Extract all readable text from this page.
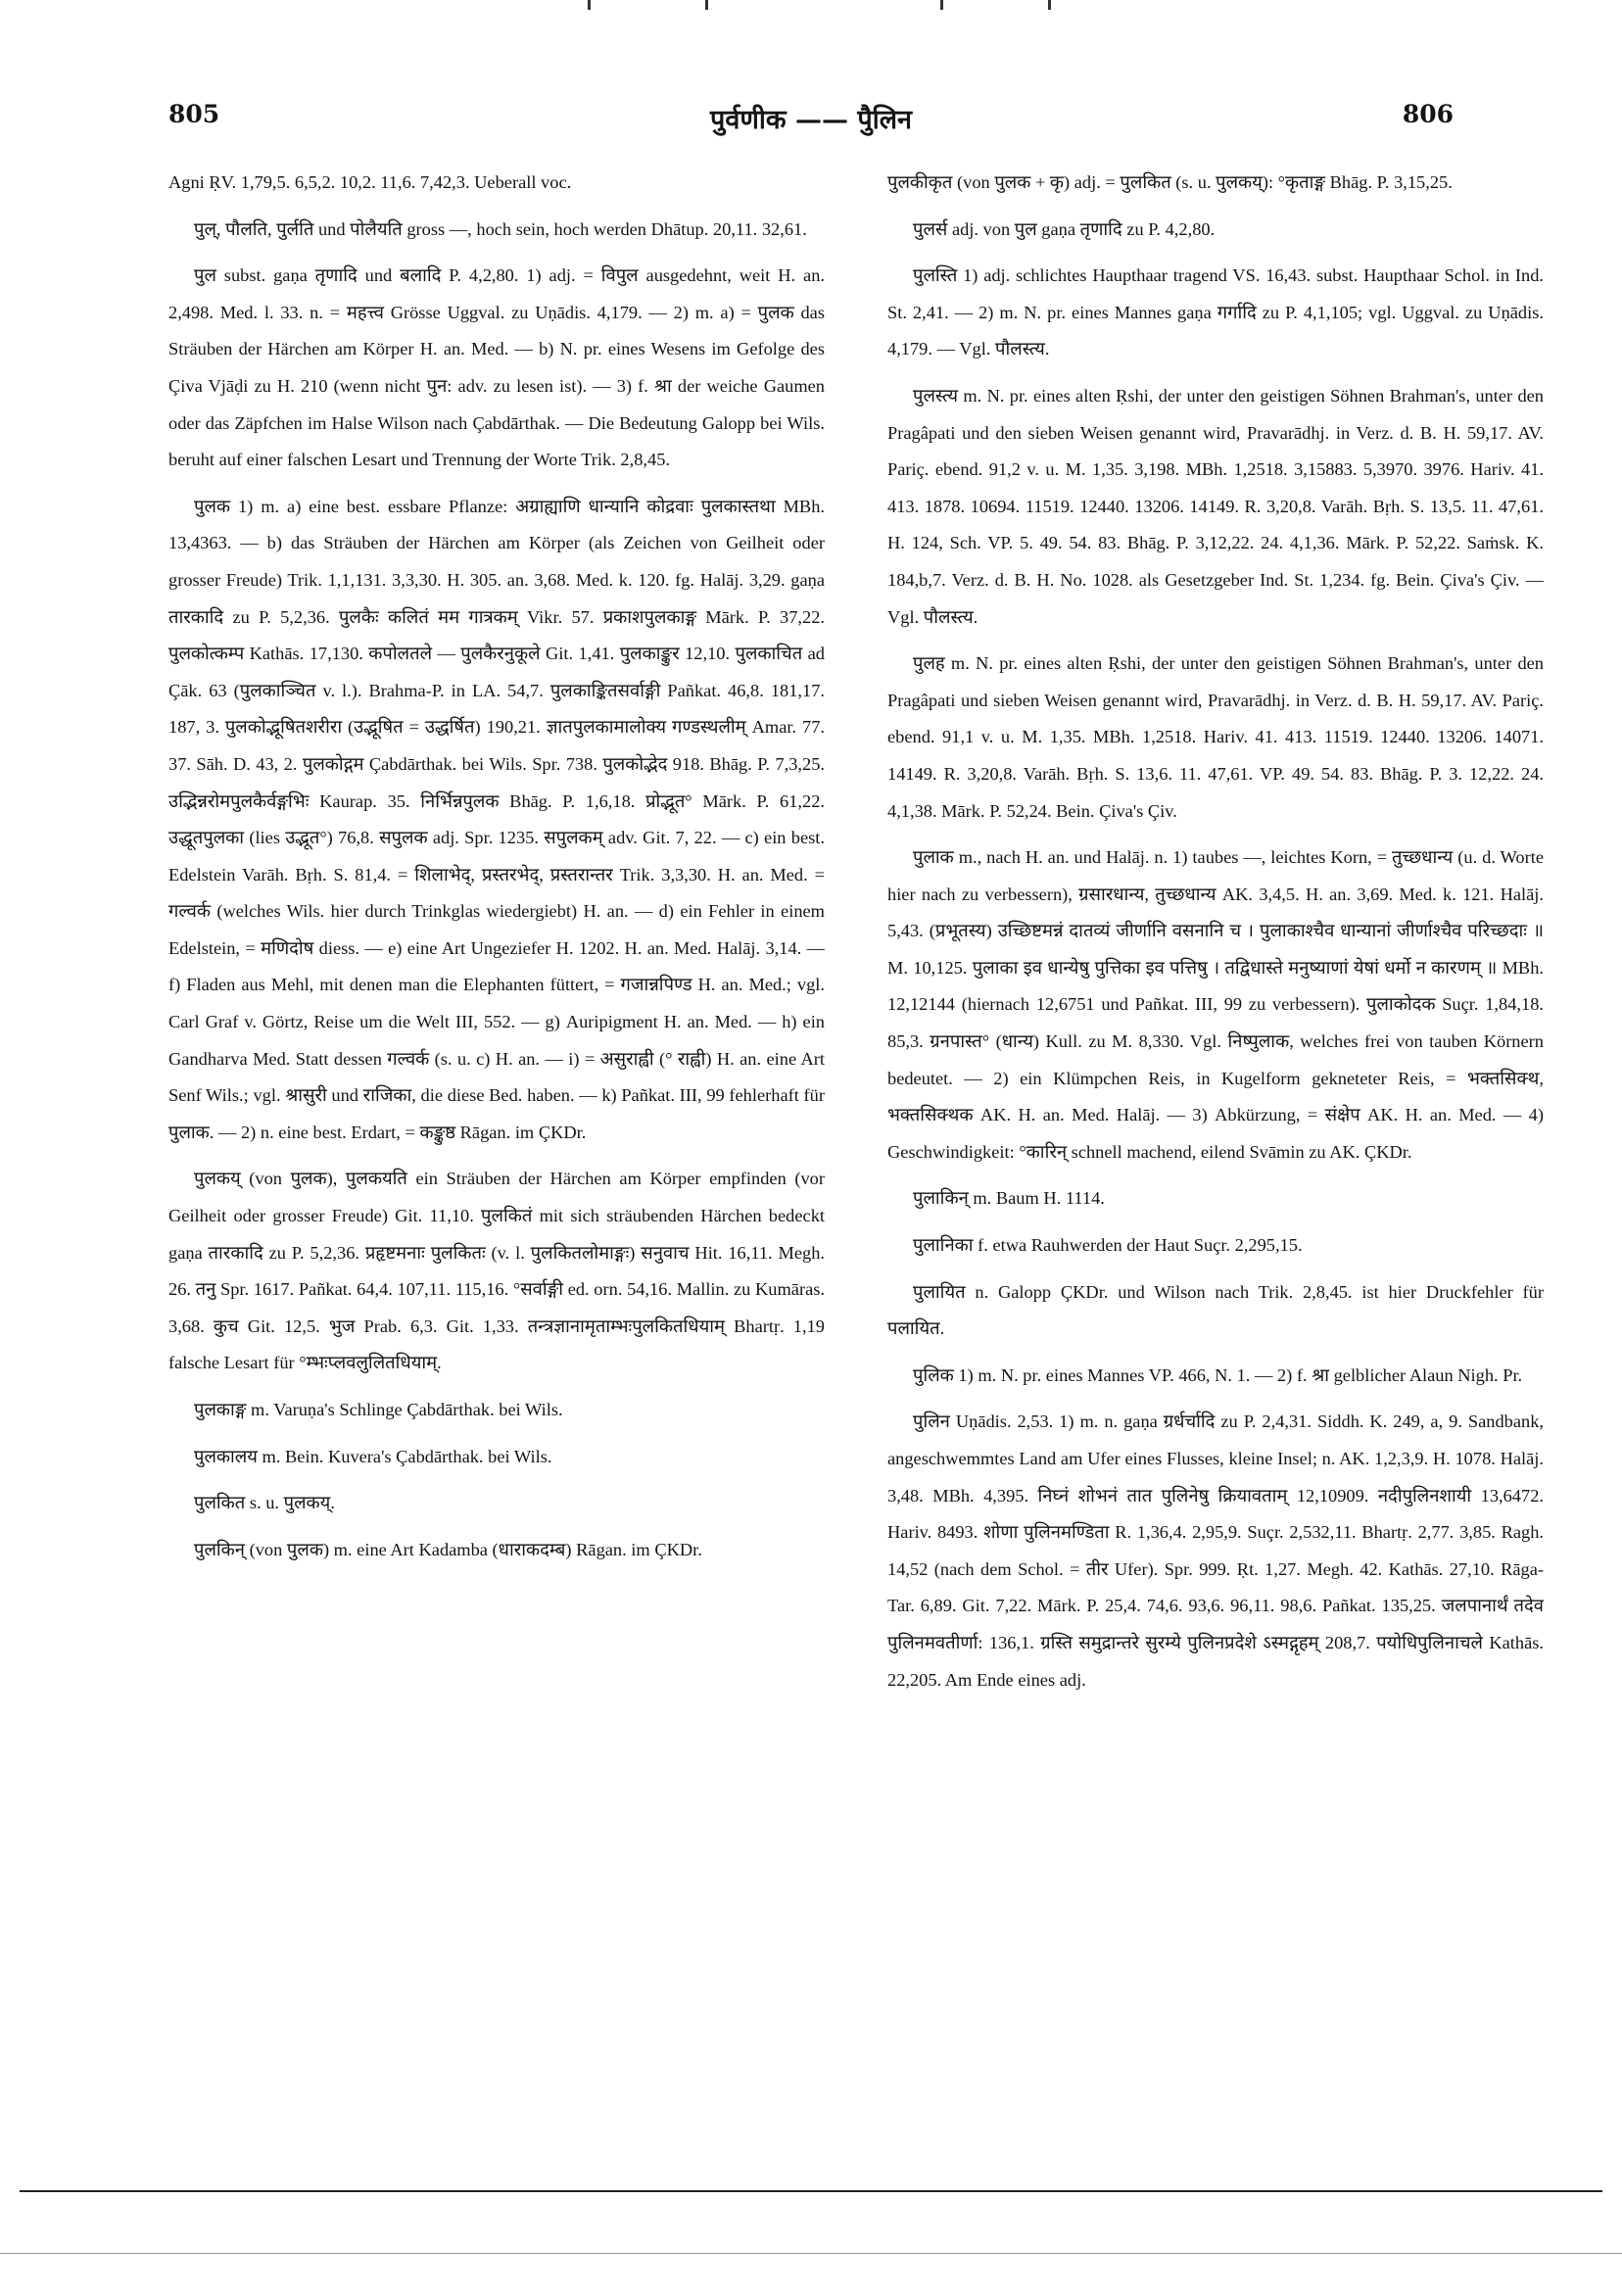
805	पुर्वणीक —— पैुलिन	806

Agni ṚV. 1,79,5. 6,5,2. 10,2. 11,6. 7,42,3. Ueberall voc.

पुल्, पौलति, पुर्लति und पोलैयति gross —, hoch sein, hoch werden Dhātup. 20,11. 32,61.

पुल subst. gaṇa तृणादि und बलादि P. 4,2,80. 1) adj. = विपुल ausgedehnt, weit H. an. 2,498. Med. l. 33. n. = महत्त्व Grösse Uggval. zu Uṇādis. 4,179. — 2) m. a) = पुलक das Sträuben der Härchen am Körper H. an. Med. — b) N. pr. eines Wesens im Gefolge des Çiva Vjāḍi zu H. 210 (wenn nicht पुन: adv. zu lesen ist). — 3) f. श्रा der weiche Gaumen oder das Zäpfchen im Halse Wilson nach Çabdārthak. — Die Bedeutung Galopp bei Wils. beruht auf einer falschen Lesart und Trennung der Worte Trik. 2,8,45.

पुलक 1) m. a) eine best. essbare Pflanze: अग्राह्याणि धान्यानि कोद्रवाः पुलकास्तथा MBh. 13,4363. — b) das Sträuben der Härchen am Körper (als Zeichen von Geilheit oder grosser Freude) Trik. 1,1,131. 3,3,30. H. 305. an. 3,68. Med. k. 120. fg. Halāj. 3,29. gaṇa तारकादि zu P. 5,2,36. पुलकैः कलितं मम गात्रकम् Vikr. 57. प्रकाशपुलकाङ्ग Mārk. P. 37,22. पुलकोत्कम्प Kathās. 17,130. कपोलतले — पुलकैरनुकूले Git. 1,41. पुलकाङ्कुर 12,10. पुलकाचित ad Çāk. 63 (पुलकाञ्चित v. l.). Brahma-P. in LA. 54,7. पुलकाङ्कितसर्वाङ्गी Pañkat. 46,8. 181,17. 187, 3. पुलकोद्भूषितशरीरा (उद्भूषित = उद्धर्षित) 190,21. ज्ञातपुलकामालोक्य गण्डस्थलीम् Amar. 77. 37. Sāh. D. 43, 2. पुलकोद्गम Çabdārthak. bei Wils. Spr. 738. पुलकोद्भेद 918. Bhāg. P. 7,3,25. उद्भिन्नरोमपुलकैर्वङ्गभिः Kaurap. 35. निर्भिन्नपुलक Bhāg. P. 1,6,18. प्रोद्भूत° Mārk. P. 61,22. उद्धूतपुलका (lies उद्भूत°) 76,8. सपुलक adj. Spr. 1235. सपुलकम् adv. Git. 7, 22. — c) ein best. Edelstein Varāh. Bṛh. S. 81,4. = शिलाभेद्, प्रस्तरभेद्, प्रस्तरान्तर Trik. 3,3,30. H. an. Med. = गल्वर्क (welches Wils. hier durch Trinkglas wiedergiebt) H. an. — d) ein Fehler in einem Edelstein, = मणिदोष diess. — e) eine Art Ungeziefer H. 1202. H. an. Med. Halāj. 3,14. — f) Fladen aus Mehl, mit denen man die Elephanten füttert, = गजान्नपिण्ड H. an. Med.; vgl. Carl Graf v. Görtz, Reise um die Welt III, 552. — g) Auripigment H. an. Med. — h) ein Gandharva Med. Statt dessen गल्वर्क (s. u. c) H. an. — i) = असुराह्वी (° राह्वी) H. an. eine Art Senf Wils.; vgl. श्रासुरी und राजिका, die diese Bed. haben. — k) Pañkat. III, 99 fehlerhaft für पुलाक. — 2) n. eine best. Erdart, = कङ्कुष्ठ Rāgan. im ÇKDr.

पुलकय् (von पुलक), पुलकयति ein Sträuben der Härchen am Körper empfinden (vor Geilheit oder grosser Freude) Git. 11,10. पुलकितं mit sich sträubenden Härchen bedeckt gaṇa तारकादि zu P. 5,2,36. प्रहृष्टमनाः पुलकितः (v. l. पुलकितलोमाङ्गः) सनुवाच Hit. 16,11. Megh. 26. तनु Spr. 1617. Pañkat. 64,4. 107,11. 115,16. °सर्वाङ्गी ed. orn. 54,16. Mallin. zu Kumāras. 3,68. कुच Git. 12,5. भुज Prab. 6,3. Git. 1,33. तन्त्रज्ञानामृताम्भःपुलकितधियाम् Bhartṛ. 1,19 falsche Lesart für °म्भःप्लवलुलितधियाम्.

पुलकाङ्ग m. Varuṇa's Schlinge Çabdārthak. bei Wils.

पुलकालय m. Bein. Kuvera's Çabdārthak. bei Wils.

पुलकित s. u. पुलकय्.

पुलकिन् (von पुलक) m. eine Art Kadamba (धाराकदम्ब) Rāgan. im ÇKDr.

पुलकीकृत (von पुलक + कृ) adj. = पुलकित (s. u. पुलकय्): °कृताङ्ग Bhāg. P. 3,15,25.

पुलर्स adj. von पुल gaṇa तृणादि zu P. 4,2,80.

पुलस्ति 1) adj. schlichtes Haupthaar tragend VS. 16,43. subst. Haupthaar Schol. in Ind. St. 2,41. — 2) m. N. pr. eines Mannes gaṇa गर्गादि zu P. 4,1,105; vgl. Uggval. zu Uṇādis. 4,179. — Vgl. पौलस्त्य.

पुलस्त्य m. N. pr. eines alten Ṛshi, der unter den geistigen Söhnen Brahman's, unter den Pragâpati und den sieben Weisen genannt wird, Pravarādhj. in Verz. d. B. H. 59,17. AV. Pariç. ebend. 91,2 v. u. M. 1,35. 3,198. MBh. 1,2518. 3,15883. 5,3970. 3976. Hariv. 41. 413. 1878. 10694. 11519. 12440. 13206. 14149. R. 3,20,8. Varāh. Bṛh. S. 13,5. 11. 47,61. H. 124, Sch. VP. 5. 49. 54. 83. Bhāg. P. 3,12,22. 24. 4,1,36. Mārk. P. 52,22. Saṁsk. K. 184,b,7. Verz. d. B. H. No. 1028. als Gesetzgeber Ind. St. 1,234. fg. Bein. Çiva's Çiv. — Vgl. पौलस्त्य.

पुलह m. N. pr. eines alten Ṛshi, der unter den geistigen Söhnen Brahman's, unter den Pragâpati und sieben Weisen genannt wird, Pravarādhj. in Verz. d. B. H. 59,17. AV. Pariç. ebend. 91,1 v. u. M. 1,35. MBh. 1,2518. Hariv. 41. 413. 11519. 12440. 13206. 14071. 14149. R. 3,20,8. Varāh. Bṛh. S. 13,6. 11. 47,61. VP. 49. 54. 83. Bhāg. P. 3. 12,22. 24. 4,1,38. Mārk. P. 52,24. Bein. Çiva's Çiv.

पुलाक m., nach H. an. und Halāj. n. 1) taubes —, leichtes Korn, = तुच्छधान्य (u. d. Worte hier nach zu verbessern), ग्रसारधान्य, तुच्छधान्य AK. 3,4,5. H. an. 3,69. Med. k. 121. Halāj. 5,43. (प्रभूतस्य) उच्छिष्टमन्नं दातव्यं जीर्णानि वसनानि च । पुलाकाश्चैव धान्यानां जीर्णाश्चैव परिच्छदाः ॥ M. 10,125. पुलाका इव धान्येषु पुत्तिका इव पत्तिषु । तद्विधास्ते मनुष्याणां येषां धर्मो न कारणम् ॥ MBh. 12,12144 (hiernach 12,6751 und Pañkat. III, 99 zu verbessern). पुलाकोदक Suçr. 1,84,18. 85,3. ग्रनपास्त° (धान्य) Kull. zu M. 8,330. Vgl. निष्पुलाक, welches frei von tauben Körnern bedeutet. — 2) ein Klümpchen Reis, in Kugelform gekneteter Reis, = भक्तसिक्थ, भक्तसिक्थक AK. H. an. Med. Halāj. — 3) Abkürzung, = संक्षेप AK. H. an. Med. — 4) Geschwindigkeit: °कारिन् schnell machend, eilend Svāmin zu AK. ÇKDr.

पुलाकिन् m. Baum H. 1114.

पुलानिका f. etwa Rauhwerden der Haut Suçr. 2,295,15.

पुलायित n. Galopp ÇKDr. und Wilson nach Trik. 2,8,45. ist hier Druckfehler für पलायित.

पुलिक 1) m. N. pr. eines Mannes VP. 466, N. 1. — 2) f. श्रा gelblicher Alaun Nigh. Pr.

पुलिन Uṇādis. 2,53. 1) m. n. gaṇa ग्रर्धर्चादि zu P. 2,4,31. Siddh. K. 249, a, 9. Sandbank, angeschwemmtes Land am Ufer eines Flusses, kleine Insel; n. AK. 1,2,3,9. H. 1078. Halāj. 3,48. MBh. 4,395. निघ्नं शोभनं तात पुलिनेषु क्रियावताम् 12,10909. नदीपुलिनशायी 13,6472. Hariv. 8493. शोणा पुलिनमण्डिता R. 1,36,4. 2,95,9. Suçr. 2,532,11. Bhartṛ. 2,77. 3,85. Ragh. 14,52 (nach dem Schol. = तीर Ufer). Spr. 999. Ṛt. 1,27. Megh. 42. Kathās. 27,10. Rāga-Tar. 6,89. Git. 7,22. Mārk. P. 25,4. 74,6. 93,6. 96,11. 98,6. Pañkat. 135,25. जलपानार्थं तदेव पुलिनमवतीर्णा: 136,1. ग्रस्ति समुद्रान्तरे सुरम्ये पुलिनप्रदेशे ऽस्मद्गृहम् 208,7. पयोधिपुलिनाचले Kathās. 22,205. Am Ende eines adj.
